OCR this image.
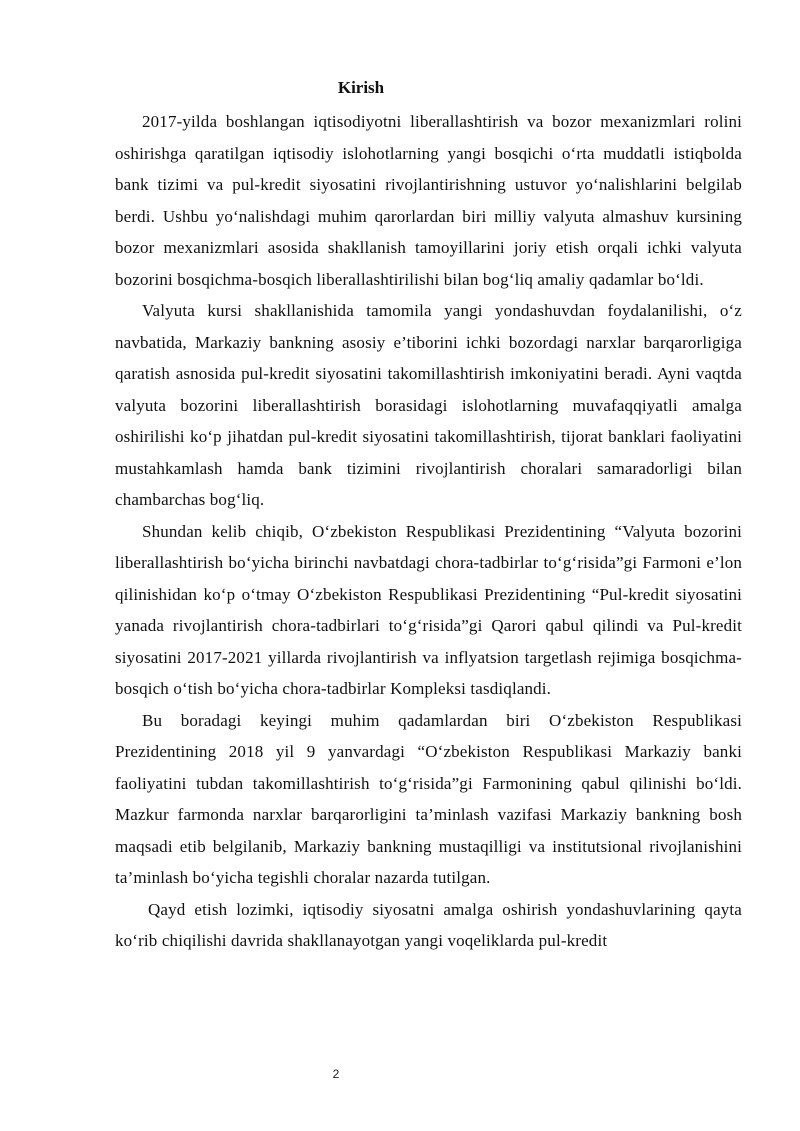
Kirish

2017-yilda boshlangan iqtisodiyotni liberallashtirish va bozor mexanizmlari rolini oshirishga qaratilgan iqtisodiy islohotlarning yangi bosqichi o‘rta muddatli istiqbolda bank tizimi va pul-kredit siyosatini rivojlantirishning ustuvor yo‘nalishlarini belgilab berdi. Ushbu yo‘nalishdagi muhim qarorlardan biri milliy valyuta almashuv kursining bozor mexanizmlari asosida shakllanish tamoyillarini joriy etish orqali ichki valyuta bozorini bosqichma-bosqich liberallashtirilishi bilan bog‘liq amaliy qadamlar bo‘ldi.

Valyuta kursi shakllanishida tamomila yangi yondashuvdan foydalanilishi, o‘z navbatida, Markaziy bankning asosiy e’tiborini ichki bozordagi narxlar barqarorligiga qaratish asnosida pul-kredit siyosatini takomillashtirish imkoniyatini beradi. Ayni vaqtda valyuta bozorini liberallashtirish borasidagi islohotlarning muvafaqqiyatli amalga oshirilishi ko‘p jihatdan pul-kredit siyosatini takomillashtirish, tijorat banklari faoliyatini mustahkamlash hamda bank tizimini rivojlantirish choralari samaradorligi bilan chambarchas bog‘liq.

Shundan kelib chiqib, O‘zbekiston Respublikasi Prezidentining “Valyuta bozorini liberallashtirish bo‘yicha birinchi navbatdagi chora-tadbirlar to‘g‘risida”gi Farmoni e’lon qilinishidan ko‘p o‘tmay O‘zbekiston Respublikasi Prezidentining “Pul-kredit siyosatini yanada rivojlantirish chora-tadbirlari to‘g‘risida”gi Qarori qabul qilindi va Pul-kredit siyosatini 2017-2021 yillarda rivojlantirish va inflyatsion targetlash rejimiga bosqichma-bosqich o‘tish bo‘yicha chora-tadbirlar Kompleksi tasdiqlandi.

Bu boradagi keyingi muhim qadamlardan biri O‘zbekiston Respublikasi Prezidentining 2018 yil 9 yanvardagi “O‘zbekiston Respublikasi Markaziy banki faoliyatini tubdan takomillashtirish to‘g‘risida”gi Farmonining qabul qilinishi bo‘ldi. Mazkur farmonda narxlar barqarorligini ta’minlash vazifasi Markaziy bankning bosh maqsadi etib belgilanib, Markaziy bankning mustaqilligi va institutsional rivojlanishini ta’minlash bo‘yicha tegishli choralar nazarda tutilgan.

Qayd etish lozimki, iqtisodiy siyosatni amalga oshirish yondashuvlarining qayta ko‘rib chiqilishi davrida shakllanayotgan yangi voqeliklarda pul-kredit

2
